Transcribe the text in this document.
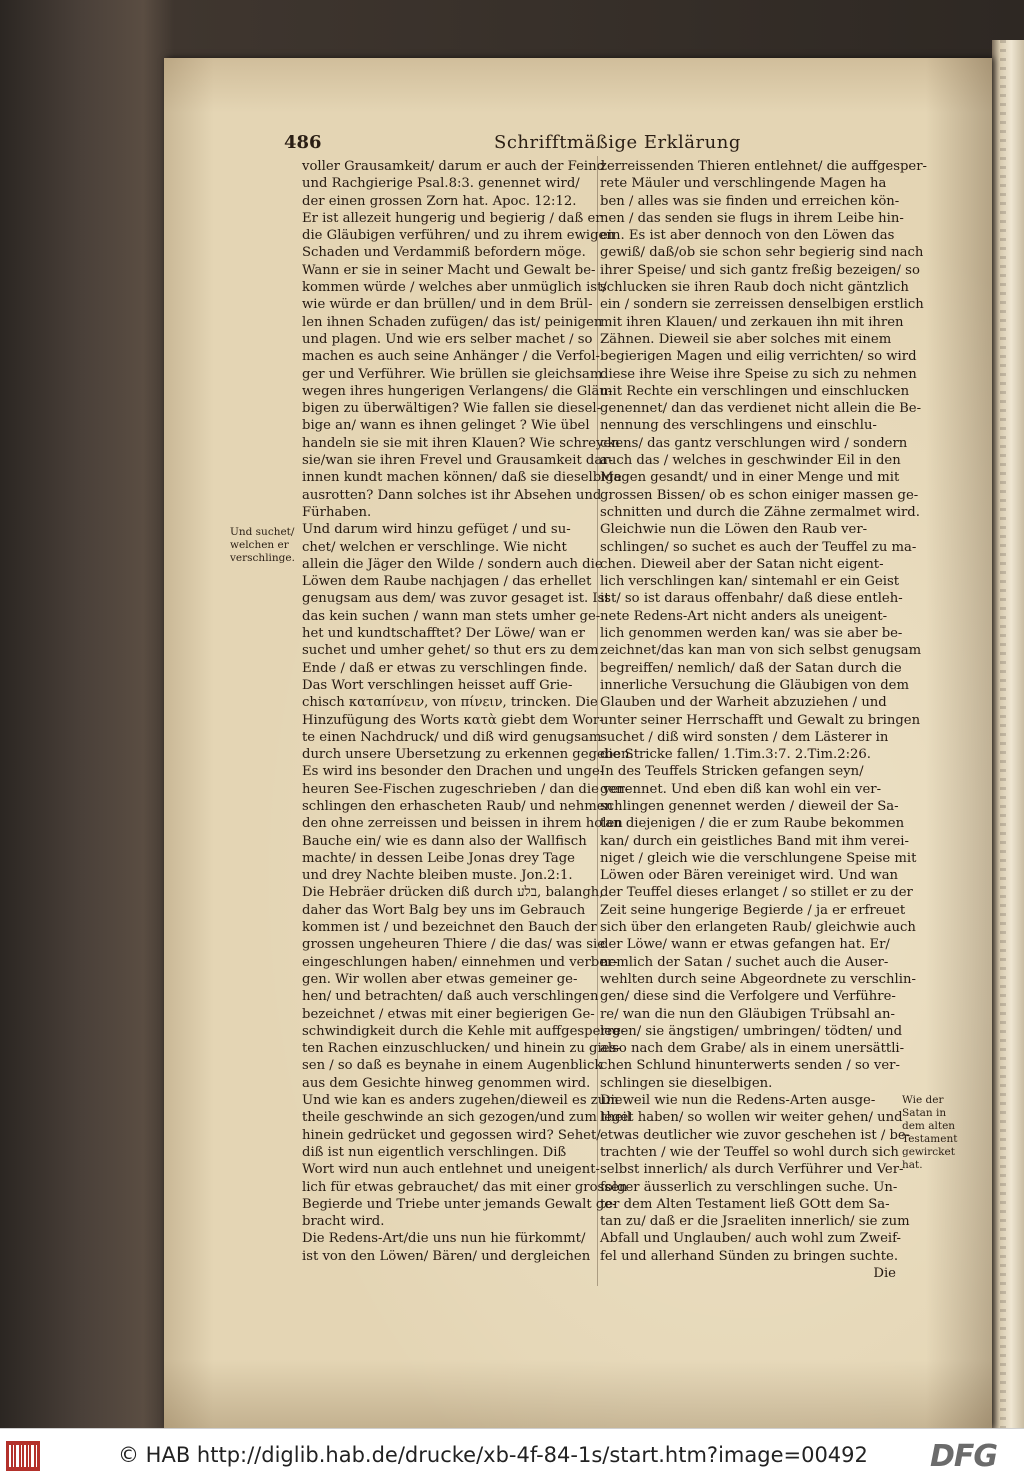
486	Schrifftmäßige Erklärung
Und suchet/
welchen er
verschlinge.
Wie der
Satan in
dem alten
Testament
gewircket
hat.
voller Grausamkeit/ darum er auch der Feind
und Rachgierige Psal.8:3. genennet wird/
der einen grossen Zorn hat. Apoc. 12:12.
Er ist allezeit hungerig und begierig / daß er
die Gläubigen verführen/ und zu ihrem ewigen
Schaden und Verdammiß befordern möge.
Wann er sie in seiner Macht und Gewalt be-
kommen würde / welches aber unmüglich ist/
wie würde er dan brüllen/ und in dem Brül-
len ihnen Schaden zufügen/ das ist/ peinigen
und plagen. Und wie ers selber machet / so
machen es auch seine Anhänger / die Verfol-
ger und Verführer. Wie brüllen sie gleichsam
wegen ihres hungerigen Verlangens/ die Gläu-
bigen zu überwältigen? Wie fallen sie diesel-
bige an/ wann es ihnen gelinget ? Wie übel
handeln sie sie mit ihren Klauen? Wie schreyen
sie/wan sie ihren Frevel und Grausamkeit dar-
innen kundt machen können/ daß sie dieselbige
ausrotten? Dann solches ist ihr Absehen und
Fürhaben.
Und darum wird hinzu gefüget / und su-
chet/ welchen er verschlinge. Wie nicht
allein die Jäger den Wilde / sondern auch die
Löwen dem Raube nachjagen / das erhellet
genugsam aus dem/ was zuvor gesaget ist. Ist
das kein suchen / wann man stets umher ge-
het und kundtschafftet? Der Löwe/ wan er
suchet und umher gehet/ so thut ers zu dem
Ende / daß er etwas zu verschlingen finde.
Das Wort verschlingen heisset auff Grie-
chisch καταπίνειν, von πίνειν, trincken. Die
Hinzufügung des Worts κατὰ giebt dem Wor-
te einen Nachdruck/ und diß wird genugsam
durch unsere Ubersetzung zu erkennen gegeben.
Es wird ins besonder den Drachen und unge-
heuren See-Fischen zugeschrieben / dan die ver-
schlingen den erhascheten Raub/ und nehmen
den ohne zerreissen und beissen in ihrem holen
Bauche ein/ wie es dann also der Wallfisch
machte/ in dessen Leibe Jonas drey Tage
und drey Nachte bleiben muste. Jon.2:1.
Die Hebräer drücken diß durch בלע, balangh,
daher das Wort Balg bey uns im Gebrauch
kommen ist / und bezeichnet den Bauch der
grossen ungeheuren Thiere / die das/ was sie
eingeschlungen haben/ einnehmen und verber-
gen. Wir wollen aber etwas gemeiner ge-
hen/ und betrachten/ daß auch verschlingen
bezeichnet / etwas mit einer begierigen Ge-
schwindigkeit durch die Kehle mit auffgesperre-
ten Rachen einzuschlucken/ und hinein zu gies-
sen / so daß es beynahe in einem Augenblick
aus dem Gesichte hinweg genommen wird.
Und wie kan es anders zugehen/dieweil es zum
theile geschwinde an sich gezogen/und zum theil
hinein gedrücket und gegossen wird? Sehet/
diß ist nun eigentlich verschlingen. Diß
Wort wird nun auch entlehnet und uneigent-
lich für etwas gebrauchet/ das mit einer grossen
Begierde und Triebe unter jemands Gewalt ge-
bracht wird.
Die Redens-Art/die uns nun hie fürkommt/
ist von den Löwen/ Bären/ und dergleichen
zerreissenden Thieren entlehnet/ die auffgesper-
rete Mäuler und verschlingende Magen ha
ben / alles was sie finden und erreichen kön-
nen / das senden sie flugs in ihrem Leibe hin-
ein. Es ist aber dennoch von den Löwen das
gewiß/ daß/ob sie schon sehr begierig sind nach
ihrer Speise/ und sich gantz freßig bezeigen/ so
schlucken sie ihren Raub doch nicht gäntzlich
ein / sondern sie zerreissen denselbigen erstlich
mit ihren Klauen/ und zerkauen ihn mit ihren
Zähnen. Dieweil sie aber solches mit einem
begierigen Magen und eilig verrichten/ so wird
diese ihre Weise ihre Speise zu sich zu nehmen
mit Rechte ein verschlingen und einschlucken
genennet/ dan das verdienet nicht allein die Be-
nennung des verschlingens und einschlu-
ckens/ das gantz verschlungen wird / sondern
auch das / welches in geschwinder Eil in den
Magen gesandt/ und in einer Menge und mit
grossen Bissen/ ob es schon einiger massen ge-
schnitten und durch die Zähne zermalmet wird.
Gleichwie nun die Löwen den Raub ver-
schlingen/ so suchet es auch der Teuffel zu ma-
chen. Dieweil aber der Satan nicht eigent-
lich verschlingen kan/ sintemahl er ein Geist
ist/ so ist daraus offenbahr/ daß diese entleh-
nete Redens-Art nicht anders als uneigent-
lich genommen werden kan/ was sie aber be-
zeichnet/das kan man von sich selbst genugsam
begreiffen/ nemlich/ daß der Satan durch die
innerliche Versuchung die Gläubigen von dem
Glauben und der Warheit abzuziehen / und
unter seiner Herrschafft und Gewalt zu bringen
suchet / diß wird sonsten / dem Lästerer in
die Stricke fallen/ 1.Tim.3:7. 2.Tim.2:26.
In des Teuffels Stricken gefangen seyn/
genennet. Und eben diß kan wohl ein ver-
schlingen genennet werden / dieweil der Sa-
tan diejenigen / die er zum Raube bekommen
kan/ durch ein geistliches Band mit ihm verei-
niget / gleich wie die verschlungene Speise mit
Löwen oder Bären vereiniget wird. Und wan
der Teuffel dieses erlanget / so stillet er zu der
Zeit seine hungerige Begierde / ja er erfreuet
sich über den erlangeten Raub/ gleichwie auch
der Löwe/ wann er etwas gefangen hat. Er/
nemlich der Satan / suchet auch die Auser-
wehlten durch seine Abgeordnete zu verschlin-
gen/ diese sind die Verfolgere und Verführe-
re/ wan die nun den Gläubigen Trübsahl an-
legen/ sie ängstigen/ umbringen/ tödten/ und
also nach dem Grabe/ als in einem unersättli-
chen Schlund hinunterwerts senden / so ver-
schlingen sie dieselbigen.
Dieweil wie nun die Redens-Arten ausge-
leget haben/ so wollen wir weiter gehen/ und
etwas deutlicher wie zuvor geschehen ist / be-
trachten / wie der Teuffel so wohl durch sich
selbst innerlich/ als durch Verführer und Ver-
folger äusserlich zu verschlingen suche. Un-
ter dem Alten Testament ließ GOtt dem Sa-
tan zu/ daß er die Jsraeliten innerlich/ sie zum
Abfall und Unglauben/ auch wohl zum Zweif-
fel und allerhand Sünden zu bringen suchte.
Die
© HAB http://diglib.hab.de/drucke/xb-4f-84-1s/start.htm?image=00492 DFG
